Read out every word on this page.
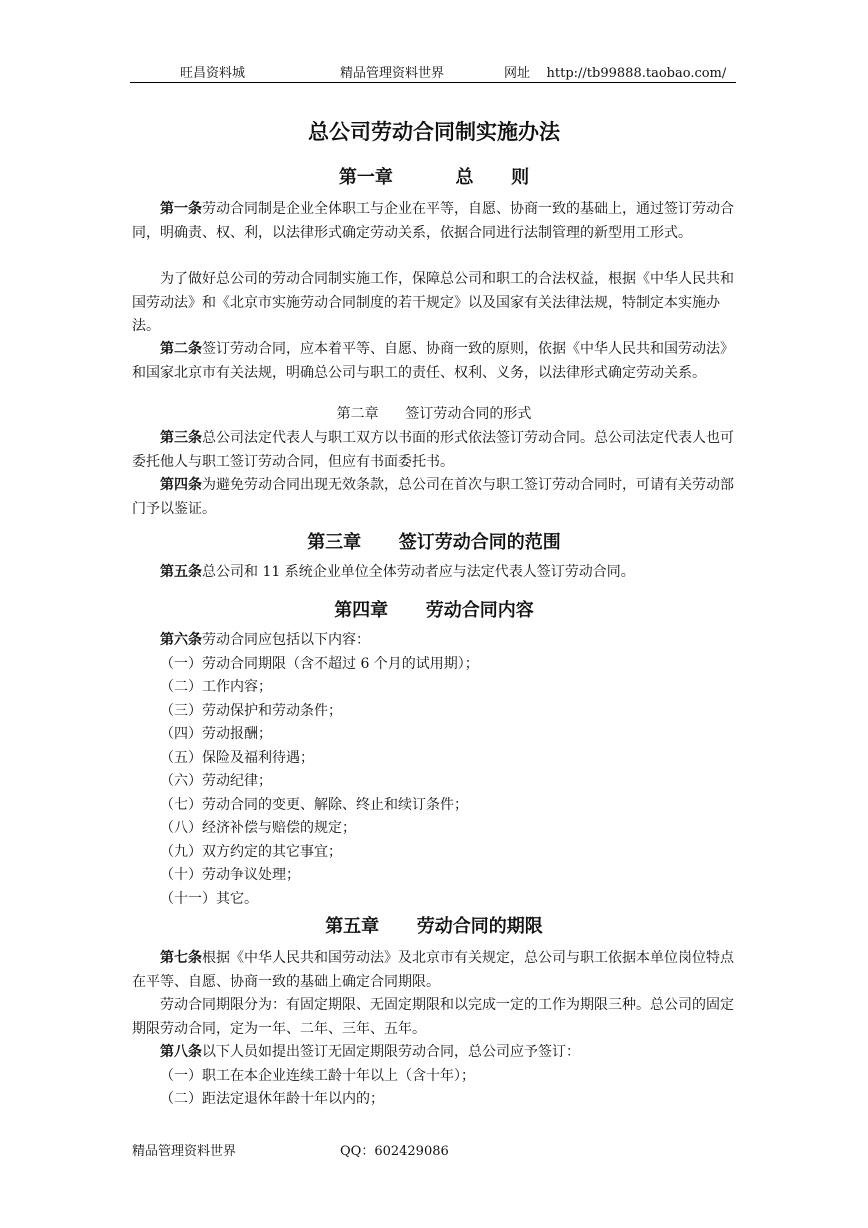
旺昌资料城	精品管理资料世界	网址    http://tb99888.taobao.com/
总公司劳动合同制实施办法
第一章          总      则
第一条劳动合同制是企业全体职工与企业在平等，自愿、协商一致的基础上，通过签订劳动合同，明确责、权、利，以法律形式确定劳动关系，依据合同进行法制管理的新型用工形式。
为了做好总公司的劳动合同制实施工作，保障总公司和职工的合法权益，根据《中华人民共和国劳动法》和《北京市实施劳动合同制度的若干规定》以及国家有关法律法规，特制定本实施办法。
第二条签订劳动合同，应本着平等、自愿、协商一致的原则，依据《中华人民共和国劳动法》和国家北京市有关法规，明确总公司与职工的责任、权利、义务，以法律形式确定劳动关系。
第二章      签订劳动合同的形式
第三条总公司法定代表人与职工双方以书面的形式依法签订劳动合同。总公司法定代表人也可委托他人与职工签订劳动合同，但应有书面委托书。
第四条为避免劳动合同出现无效条款，总公司在首次与职工签订劳动合同时，可请有关劳动部门予以鉴证。
第三章      签订劳动合同的范围
第五条总公司和 11 系统企业单位全体劳动者应与法定代表人签订劳动合同。
第四章      劳动合同内容
第六条劳动合同应包括以下内容：
（一）劳动合同期限（含不超过 6 个月的试用期）；
（二）工作内容；
（三）劳动保护和劳动条件；
（四）劳动报酬；
（五）保险及福利待遇；
（六）劳动纪律；
（七）劳动合同的变更、解除、终止和续订条件；
（八）经济补偿与赔偿的规定；
（九）双方约定的其它事宜；
（十）劳动争议处理；
（十一）其它。
第五章      劳动合同的期限
第七条根据《中华人民共和国劳动法》及北京市有关规定，总公司与职工依据本单位岗位特点在平等、自愿、协商一致的基础上确定合同期限。
劳动合同期限分为：有固定期限、无固定期限和以完成一定的工作为期限三种。总公司的固定期限劳动合同，定为一年、二年、三年、五年。
第八条以下人员如提出签订无固定期限劳动合同，总公司应予签订：
（一）职工在本企业连续工龄十年以上（含十年）；
（二）距法定退休年龄十年以内的；
精品管理资料世界	QQ：602429086
